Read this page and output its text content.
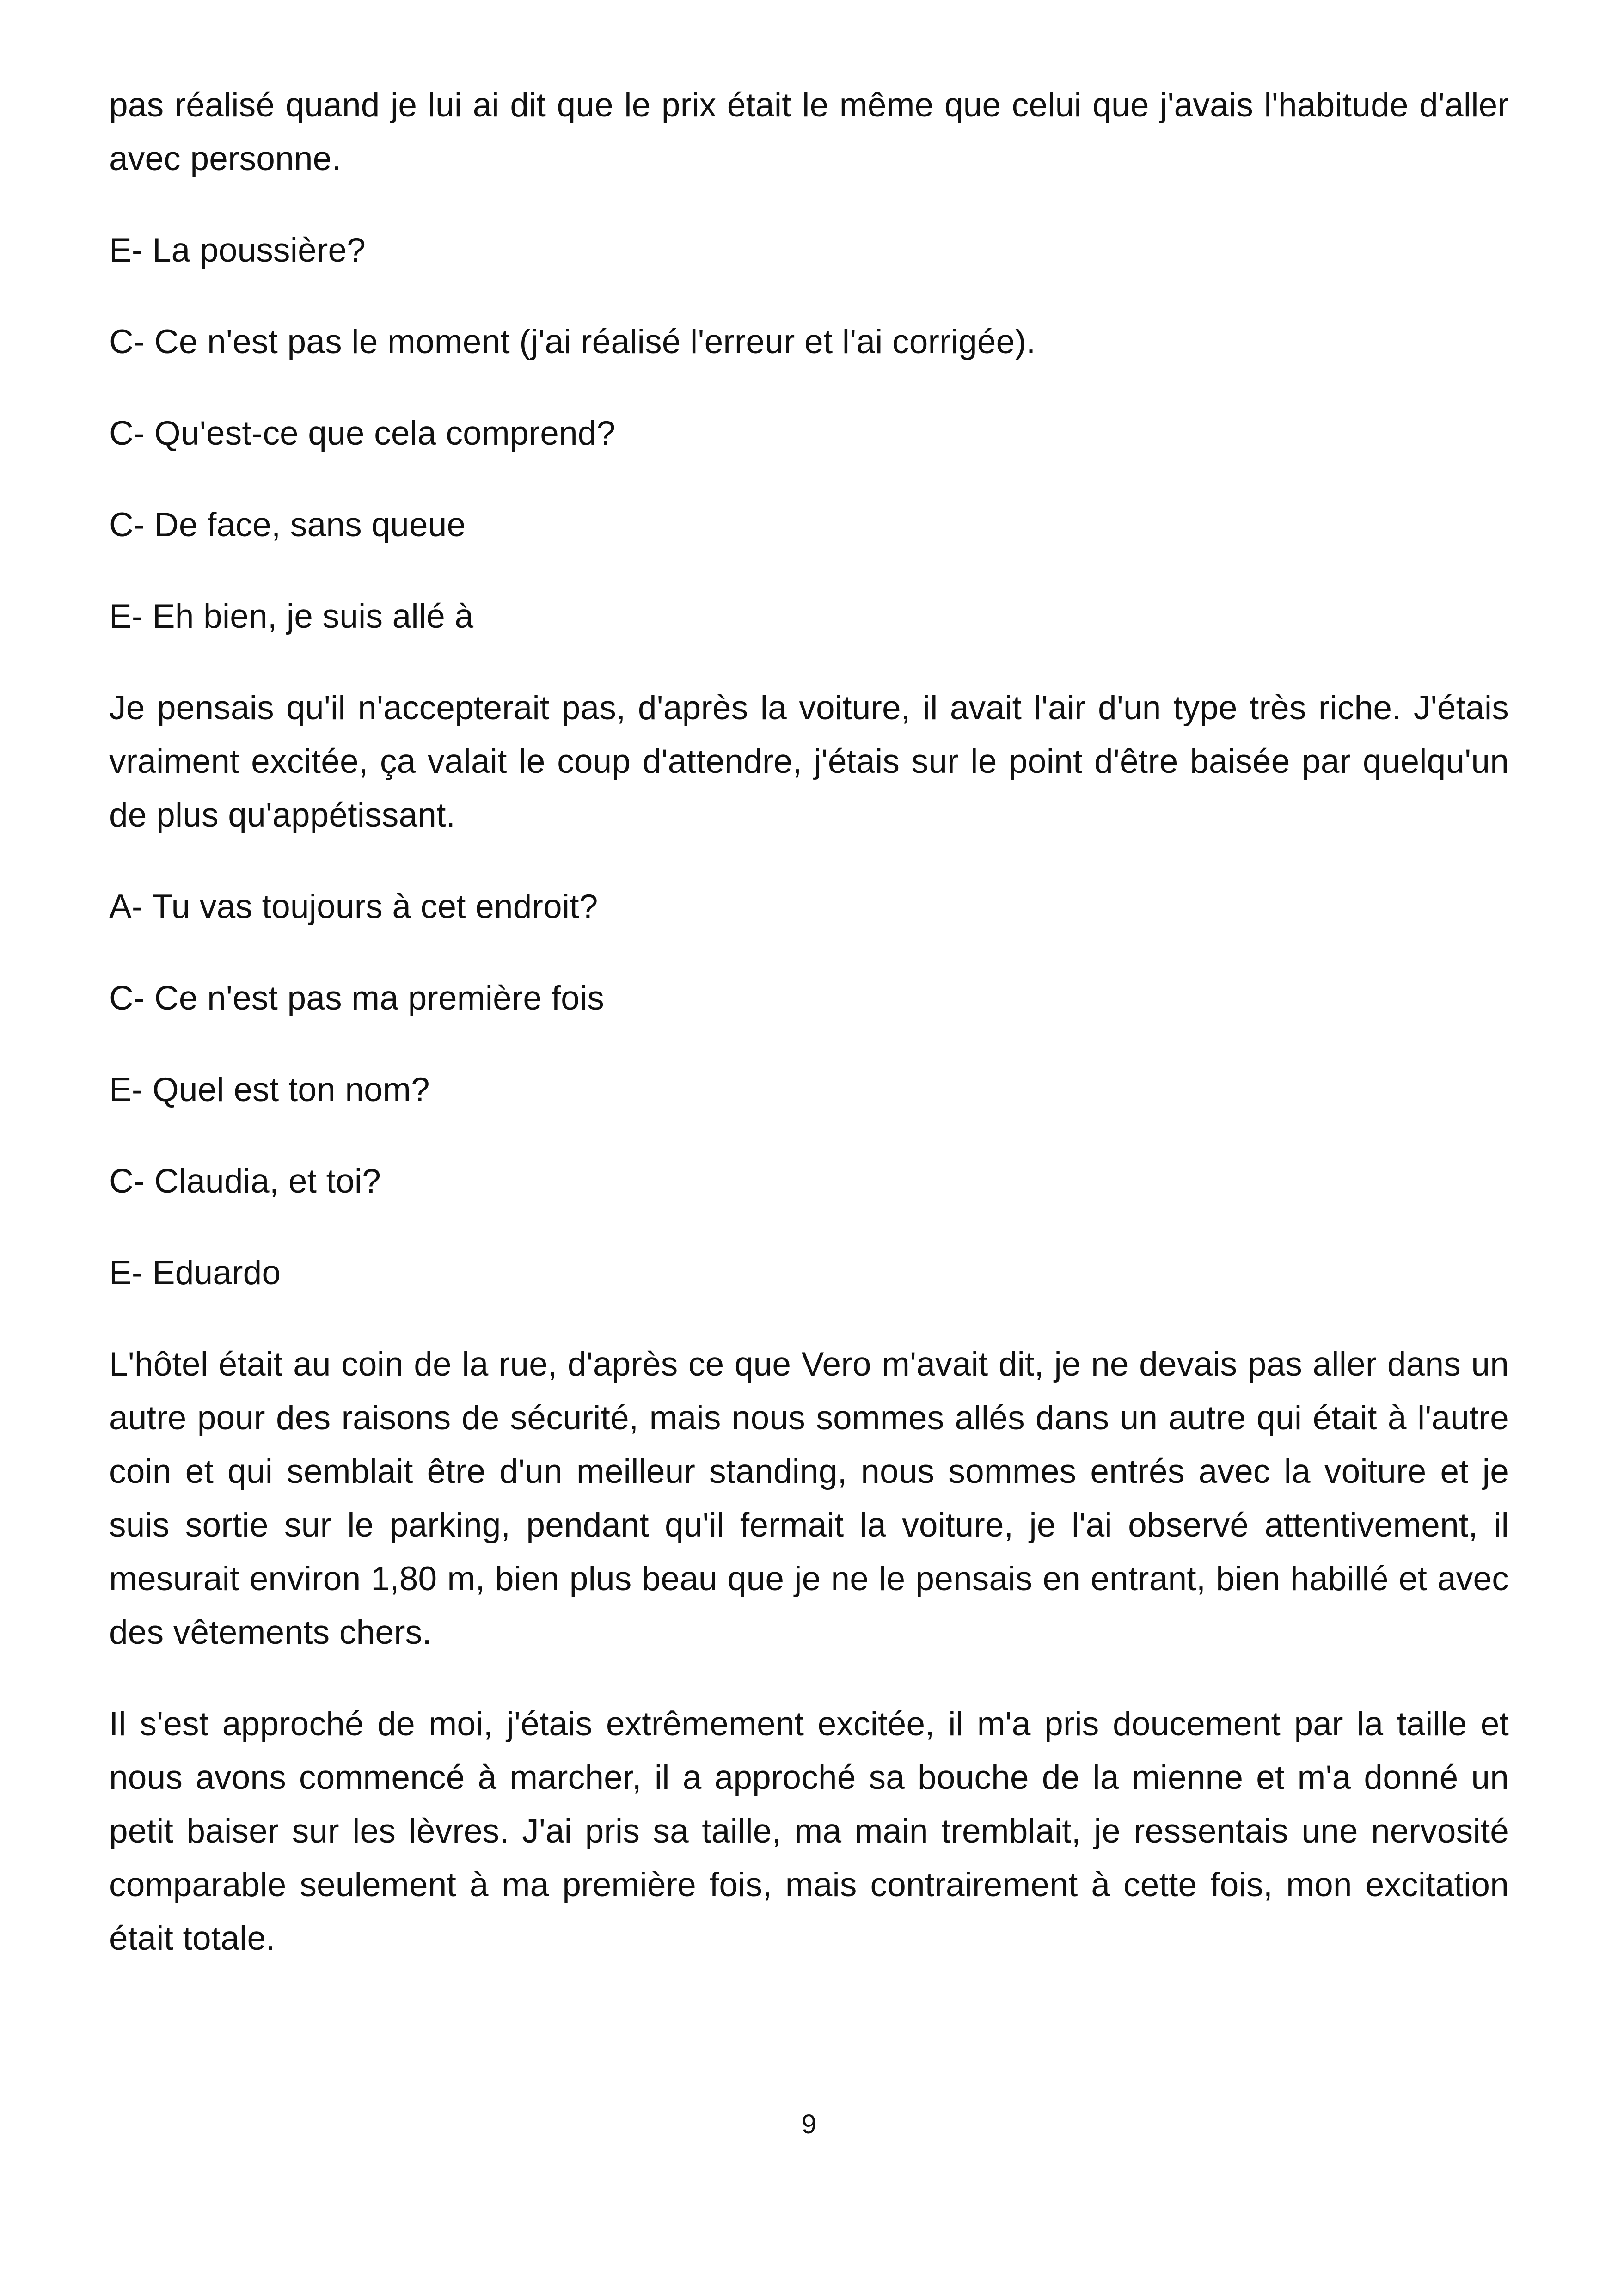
pas réalisé quand je lui ai dit que le prix était le même que celui que j'avais l'habitude d'aller avec personne.

E- La poussière?

C- Ce n'est pas le moment (j'ai réalisé l'erreur et l'ai corrigée).

C- Qu'est-ce que cela comprend?

C- De face, sans queue

E- Eh bien, je suis allé à

Je pensais qu'il n'accepterait pas, d'après la voiture, il avait l'air d'un type très riche. J'étais vraiment excitée, ça valait le coup d'attendre, j'étais sur le point d'être baisée par quelqu'un de plus qu'appétissant.

A- Tu vas toujours à cet endroit?

C- Ce n'est pas ma première fois

E- Quel est ton nom?

C- Claudia, et toi?

E- Eduardo

L'hôtel était au coin de la rue, d'après ce que Vero m'avait dit, je ne devais pas aller dans un autre pour des raisons de sécurité, mais nous sommes allés dans un autre qui était à l'autre coin et qui semblait être d'un meilleur standing, nous sommes entrés avec la voiture et je suis sortie sur le parking, pendant qu'il fermait la voiture, je l'ai observé attentivement, il mesurait environ 1,80 m, bien plus beau que je ne le pensais en entrant, bien habillé et avec des vêtements chers.

Il s'est approché de moi, j'étais extrêmement excitée, il m'a pris doucement par la taille et nous avons commencé à marcher, il a approché sa bouche de la mienne et m'a donné un petit baiser sur les lèvres. J'ai pris sa taille, ma main tremblait, je ressentais une nervosité comparable seulement à ma première fois, mais contrairement à cette fois, mon excitation était totale.

9
